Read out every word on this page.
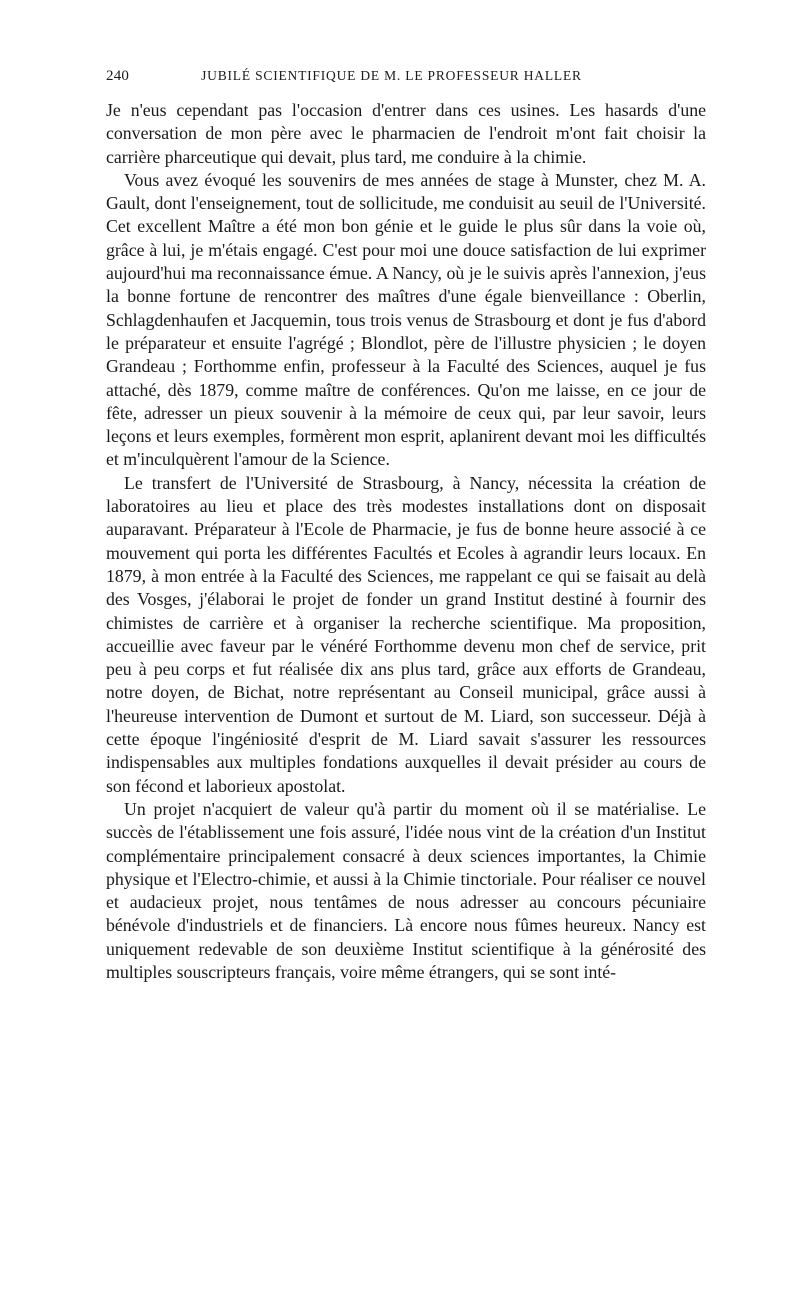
240	JUBILÉ SCIENTIFIQUE DE M. LE PROFESSEUR HALLER

Je n'eus cependant pas l'occasion d'entrer dans ces usines. Les hasards d'une conversation de mon père avec le pharmacien de l'endroit m'ont fait choisir la carrière pharceutique qui devait, plus tard, me conduire à la chimie.

Vous avez évoqué les souvenirs de mes années de stage à Munster, chez M. A. Gault, dont l'enseignement, tout de sollicitude, me conduisit au seuil de l'Université. Cet excellent Maître a été mon bon génie et le guide le plus sûr dans la voie où, grâce à lui, je m'étais engagé. C'est pour moi une douce satisfaction de lui exprimer aujourd'hui ma reconnaissance émue. A Nancy, où je le suivis après l'annexion, j'eus la bonne fortune de rencontrer des maîtres d'une égale bienveillance : Oberlin, Schlagdenhaufen et Jacquemin, tous trois venus de Strasbourg et dont je fus d'abord le préparateur et ensuite l'agrégé ; Blondlot, père de l'illustre physicien ; le doyen Grandeau ; Forthomme enfin, professeur à la Faculté des Sciences, auquel je fus attaché, dès 1879, comme maître de conférences. Qu'on me laisse, en ce jour de fête, adresser un pieux souvenir à la mémoire de ceux qui, par leur savoir, leurs leçons et leurs exemples, formèrent mon esprit, aplanirent devant moi les difficultés et m'inculquèrent l'amour de la Science.

Le transfert de l'Université de Strasbourg, à Nancy, nécessita la création de laboratoires au lieu et place des très modestes installations dont on disposait auparavant. Préparateur à l'Ecole de Pharmacie, je fus de bonne heure associé à ce mouvement qui porta les différentes Facultés et Ecoles à agrandir leurs locaux. En 1879, à mon entrée à la Faculté des Sciences, me rappelant ce qui se faisait au delà des Vosges, j'élaborai le projet de fonder un grand Institut destiné à fournir des chimistes de carrière et à organiser la recherche scientifique. Ma proposition, accueillie avec faveur par le vénéré Forthomme devenu mon chef de service, prit peu à peu corps et fut réalisée dix ans plus tard, grâce aux efforts de Grandeau, notre doyen, de Bichat, notre représentant au Conseil municipal, grâce aussi à l'heureuse intervention de Dumont et surtout de M. Liard, son successeur. Déjà à cette époque l'ingéniosité d'esprit de M. Liard savait s'assurer les ressources indispensables aux multiples fondations auxquelles il devait présider au cours de son fécond et laborieux apostolat.

Un projet n'acquiert de valeur qu'à partir du moment où il se matérialise. Le succès de l'établissement une fois assuré, l'idée nous vint de la création d'un Institut complémentaire principalement consacré à deux sciences importantes, la Chimie physique et l'Electro-chimie, et aussi à la Chimie tinctoriale. Pour réaliser ce nouvel et audacieux projet, nous tentâmes de nous adresser au concours pécuniaire bénévole d'industriels et de financiers. Là encore nous fûmes heureux. Nancy est uniquement redevable de son deuxième Institut scientifique à la générosité des multiples souscripteurs français, voire même étrangers, qui se sont inté-
